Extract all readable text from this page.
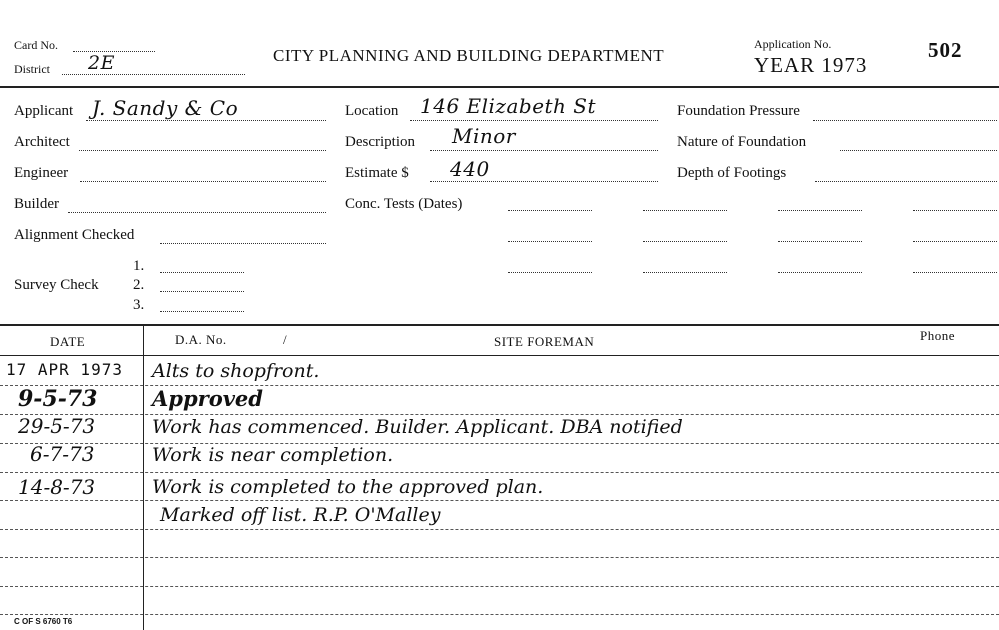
Card No.
District 2E	CITY PLANNING AND BUILDING DEPARTMENT
Application No.
YEAR 1973
502
Applicant J. Sandy & Co
Architect
Engineer
Builder
Alignment Checked
Survey Check
1.
2.
3.
Location 146 Elizabeth St
Description Minor
Estimate $ 440
Conc. Tests (Dates)
Foundation Pressure
Nature of Foundation
Depth of Footings
DATE	D.A. No.	/	SITE FOREMAN	Phone
17 APR 1973 Alts to shopfront.
9-5-73	Approved
29-5-73	Work has commenced. Builder. Applicant. DBA notified
6-7-73	Work is near completion.
14-8-73	Work is completed to the approved plan.
Marked off list. R.P. O'Malley
C OF S 6760 T6
